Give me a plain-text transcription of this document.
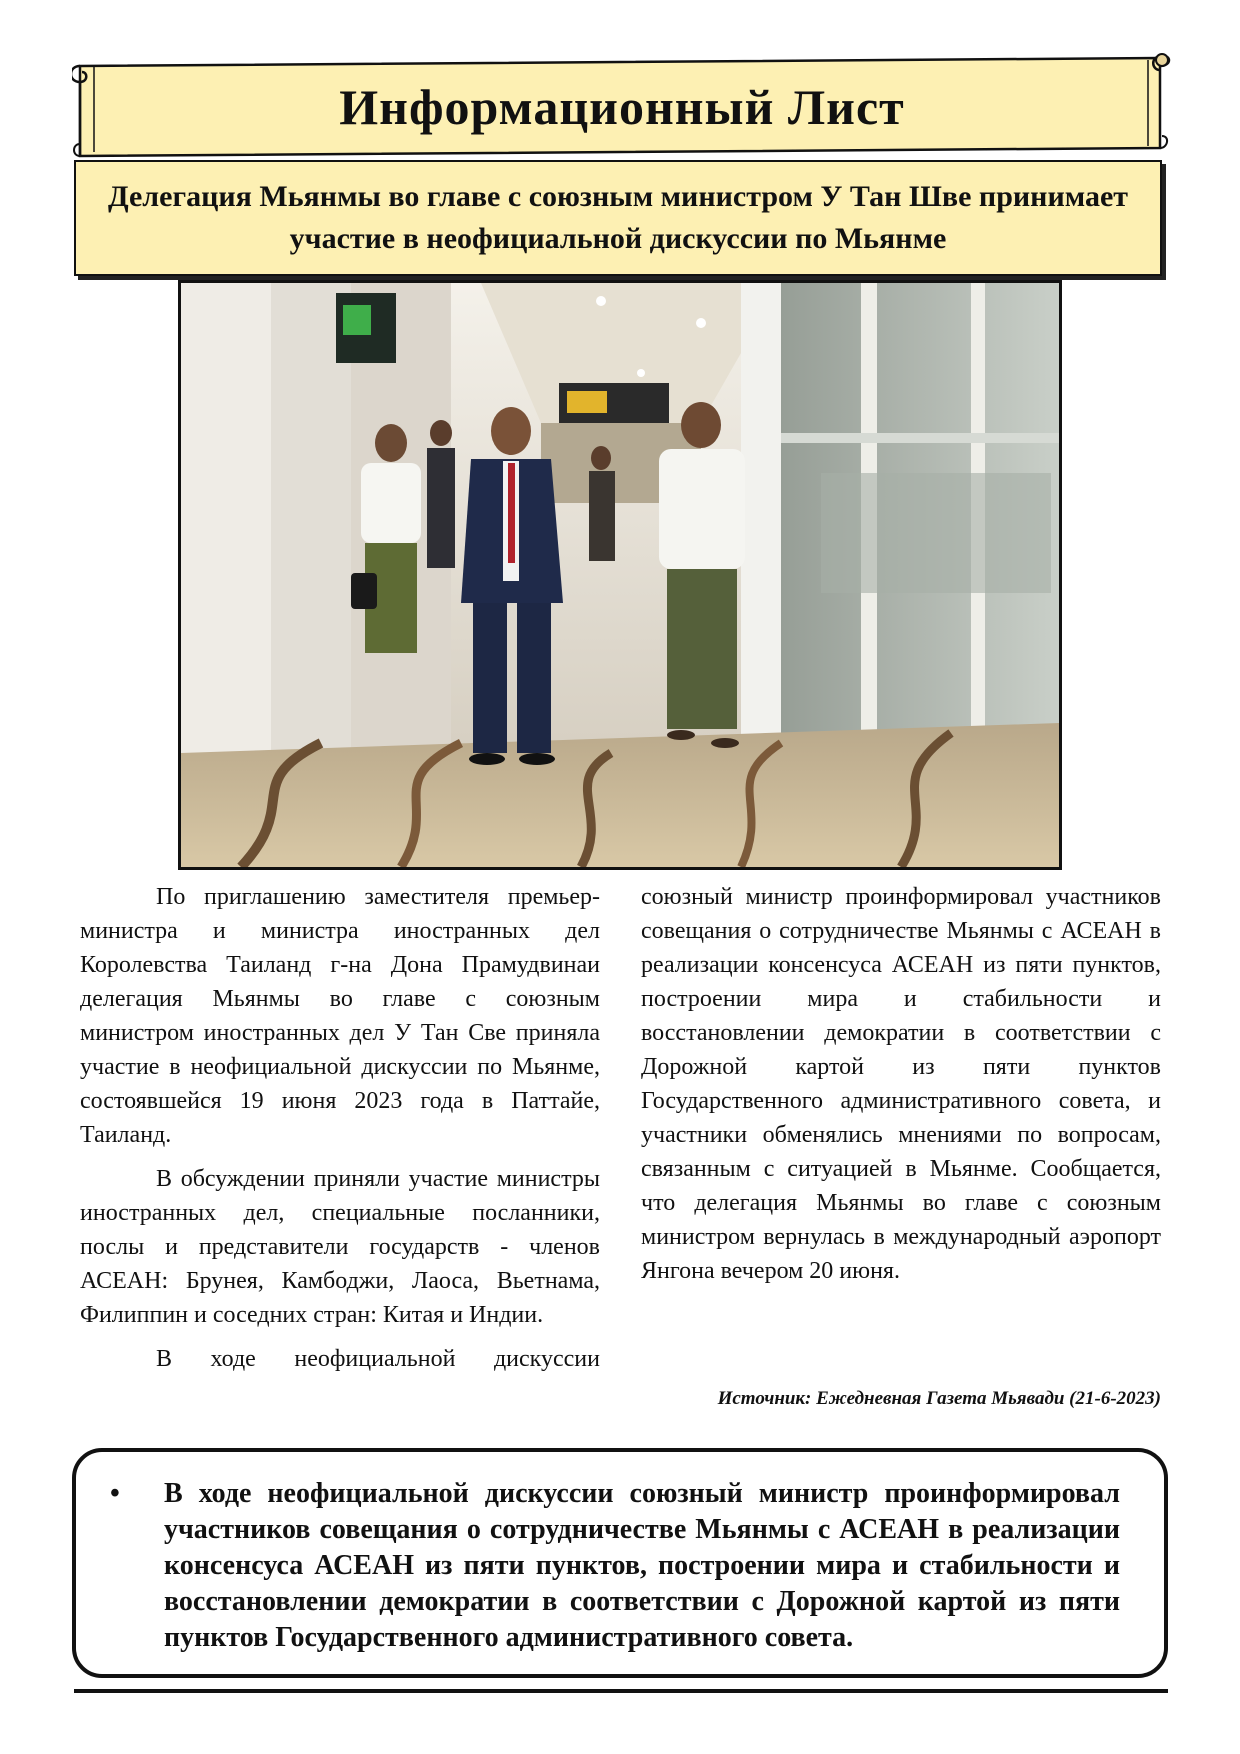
Информационный Лист
Делегация Мьянмы во главе с союзным министром У Тан Шве принимает участие в неофициальной дискуссии по Мьянме

По приглашению заместителя премьер-министра и министра иностранных дел Королевства Таиланд г-на Дона Прамудвинаи делегация Мьянмы во главе с союзным министром иностранных дел У Тан Све приняла участие в неофициальной дискуссии по Мьянме, состоявшейся 19 июня 2023 года в Паттайе, Таиланд.

В обсуждении приняли участие министры иностранных дел, специальные посланники, послы и представители государств - членов АСЕАН: Брунея, Камбоджи, Лаоса, Вьетнама, Филиппин и соседних стран: Китая и Индии.

В ходе неофициальной дискуссии

союзный министр проинформировал участников совещания о сотрудничестве Мьянмы с АСЕАН в реализации консенсуса АСЕАН из пяти пунктов, построении мира и стабильности и восстановлении демократии в соответствии с Дорожной картой из пяти пунктов Государственного административного совета, и участники обменялись мнениями по вопросам, связанным с ситуацией в Мьянме. Сообщается, что делегация Мьянмы во главе с союзным министром вернулась в международный аэропорт Янгона вечером 20 июня.

Источник: Ежедневная Газета Мьявади (21-6-2023)
• В ходе неофициальной дискуссии союзный министр проинформировал участников совещания о сотрудничестве Мьянмы с АСЕАН в реализации консенсуса АСЕАН из пяти пунктов, построении мира и стабильности и восстановлении демократии в соответствии с Дорожной картой из пяти пунктов Государственного административного совета.
